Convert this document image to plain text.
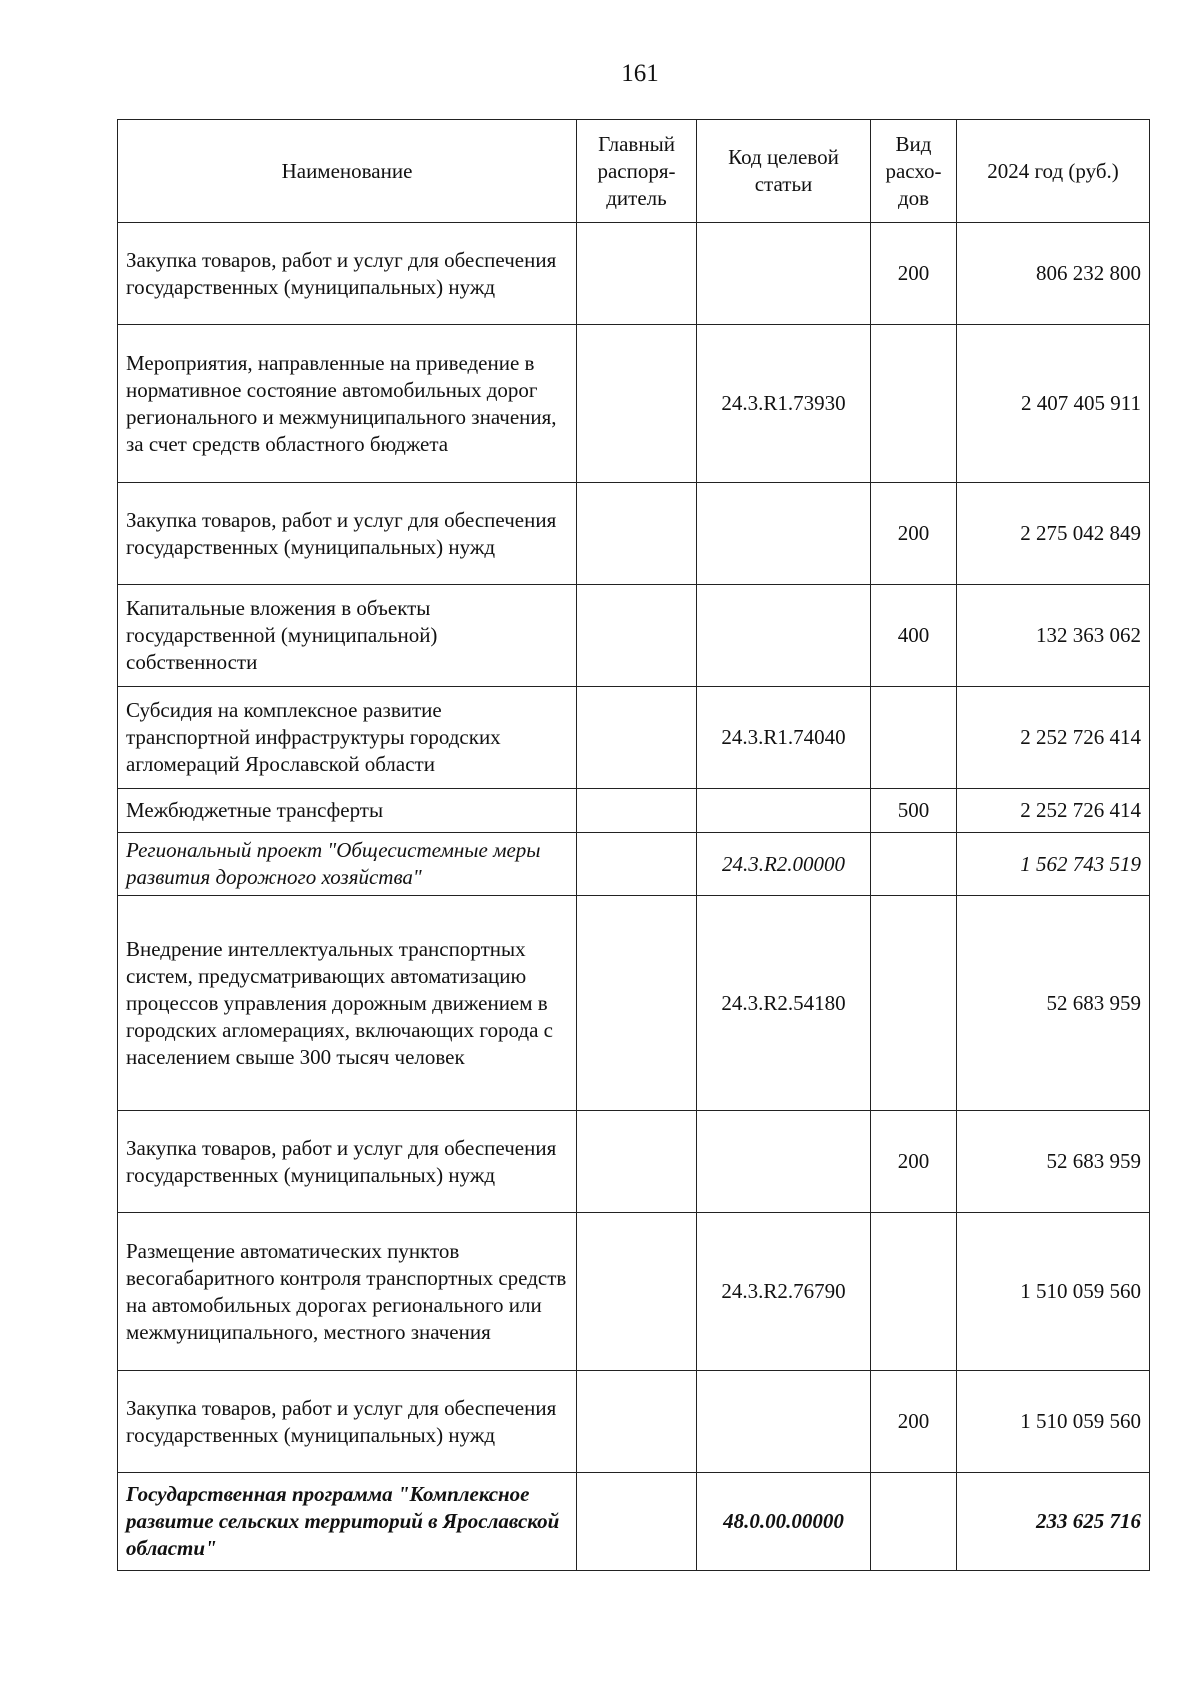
161
Наименование	Главный распоря-дитель	Код целевой статьи	Вид расхо-дов	2024 год (руб.)
Закупка товаров, работ и услуг для обеспечения государственных (муниципальных) нужд			200	806 232 800
Мероприятия, направленные на приведение в нормативное состояние автомобильных дорог регионального и межмуниципального значения, за счет средств областного бюджета		24.3.R1.73930		2 407 405 911
Закупка товаров, работ и услуг для обеспечения государственных (муниципальных) нужд			200	2 275 042 849
Капитальные вложения в объекты государственной (муниципальной) собственности			400	132 363 062
Субсидия на комплексное развитие транспортной инфраструктуры городских агломераций Ярославской области		24.3.R1.74040		2 252 726 414
Межбюджетные трансферты			500	2 252 726 414
Региональный проект "Общесистемные меры развития дорожного хозяйства"		24.3.R2.00000		1 562 743 519
Внедрение интеллектуальных транспортных систем, предусматривающих автоматизацию процессов управления дорожным движением в городских агломерациях, включающих города с населением свыше 300 тысяч человек		24.3.R2.54180		52 683 959
Закупка товаров, работ и услуг для обеспечения государственных (муниципальных) нужд			200	52 683 959
Размещение автоматических пунктов весогабаритного контроля транспортных средств на автомобильных дорогах регионального или межмуниципального, местного значения		24.3.R2.76790		1 510 059 560
Закупка товаров, работ и услуг для обеспечения государственных (муниципальных) нужд			200	1 510 059 560
Государственная программа "Комплексное развитие сельских территорий в Ярославской области"		48.0.00.00000		233 625 716
